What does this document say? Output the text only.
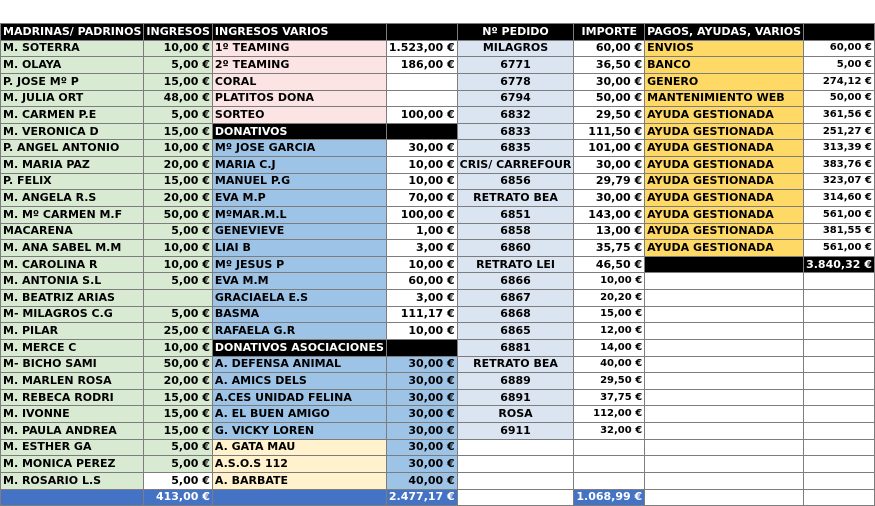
MADRINAS/ PADRINOS	INGRESOS	INGRESOS VARIOS		Nº PEDIDO	IMPORTE	PAGOS, AYUDAS, VARIOS	
M. SOTERRA	10,00 €	1º TEAMING	1.523,00 €	MILAGROS	60,00 €	ENVIOS	60,00 €
M. OLAYA	5,00 €	2º TEAMING	186,00 €	6771	36,50 €	BANCO	5,00 €
P. JOSE Mº P	15,00 €	CORAL		6778	30,00 €	GENERO	274,12 €
M. JULIA ORT	48,00 €	PLATITOS DONA		6794	50,00 €	MANTENIMIENTO WEB	50,00 €
M. CARMEN P.E	5,00 €	SORTEO	100,00 €	6832	29,50 €	AYUDA GESTIONADA	361,56 €
M. VERONICA D	15,00 €	DONATIVOS		6833	111,50 €	AYUDA GESTIONADA	251,27 €
P. ANGEL ANTONIO	10,00 €	Mº JOSE GARCIA	30,00 €	6835	101,00 €	AYUDA GESTIONADA	313,39 €
M. MARIA PAZ	20,00 €	MARIA C.J	10,00 €	CRIS/ CARREFOUR	30,00 €	AYUDA GESTIONADA	383,76 €
P. FELIX	15,00 €	MANUEL P.G	10,00 €	6856	29,79 €	AYUDA GESTIONADA	323,07 €
M. ANGELA R.S	20,00 €	EVA M.P	70,00 €	RETRATO BEA	30,00 €	AYUDA GESTIONADA	314,60 €
M. Mº CARMEN M.F	50,00 €	MºMAR.M.L	100,00 €	6851	143,00 €	AYUDA GESTIONADA	561,00 €
MACARENA	5,00 €	GENEVIEVE	1,00 €	6858	13,00 €	AYUDA GESTIONADA	381,55 €
M. ANA SABEL M.M	10,00 €	LIAI B	3,00 €	6860	35,75 €	AYUDA GESTIONADA	561,00 €
M. CAROLINA R	10,00 €	Mº JESUS P	10,00 €	RETRATO LEI	46,50 €		3.840,32 €
M. ANTONIA S.L	5,00 €	EVA M.M	60,00 €	6866	10,00 €		
M. BEATRIZ ARIAS		GRACIAELA E.S	3,00 €	6867	20,20 €		
M- MILAGROS C.G	5,00 €	BASMA	111,17 €	6868	15,00 €		
M. PILAR	25,00 €	RAFAELA G.R	10,00 €	6865	12,00 €		
M. MERCE C	10,00 €	DONATIVOS ASOCIACIONES		6881	14,00 €		
M- BICHO SAMI	50,00 €	A. DEFENSA ANIMAL	30,00 €	RETRATO BEA	40,00 €		
M. MARLEN ROSA	20,00 €	A. AMICS DELS	30,00 €	6889	29,50 €		
M. REBECA RODRI	15,00 €	A.CES UNIDAD FELINA	30,00 €	6891	37,75 €		
M. IVONNE	15,00 €	A. EL BUEN AMIGO	30,00 €	ROSA	112,00 €		
M. PAULA ANDREA	15,00 €	G. VICKY LOREN	30,00 €	6911	32,00 €		
M. ESTHER GA	5,00 €	A. GATA MAU	30,00 €				
M. MONICA PEREZ	5,00 €	A.S.O.S 112	30,00 €				
M. ROSARIO L.S	5,00 €	A. BARBATE	40,00 €				
	413,00 €		2.477,17 €		1.068,99 €		
